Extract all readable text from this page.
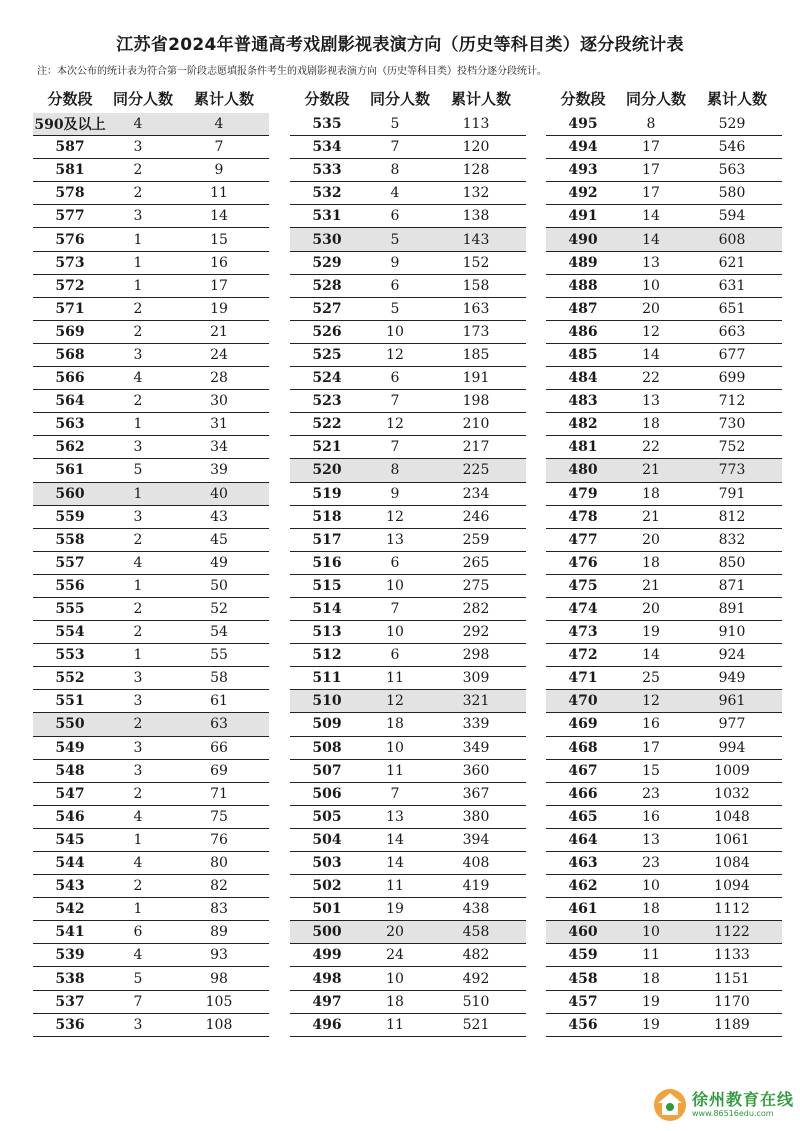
江苏省2024年普通高考戏剧影视表演方向（历史等科目类）逐分段统计表
注：本次公布的统计表为符合第一阶段志愿填报条件考生的戏剧影视表演方向（历史等科目类）投档分逐分段统计。
分数段	同分人数	累计人数
590及以上	4	4
587	3	7
581	2	9
578	2	11
577	3	14
576	1	15
573	1	16
572	1	17
571	2	19
569	2	21
568	3	24
566	4	28
564	2	30
563	1	31
562	3	34
561	5	39
560	1	40
559	3	43
558	2	45
557	4	49
556	1	50
555	2	52
554	2	54
553	1	55
552	3	58
551	3	61
550	2	63
549	3	66
548	3	69
547	2	71
546	4	75
545	1	76
544	4	80
543	2	82
542	1	83
541	6	89
539	4	93
538	5	98
537	7	105
536	3	108
分数段	同分人数	累计人数
535	5	113
534	7	120
533	8	128
532	4	132
531	6	138
530	5	143
529	9	152
528	6	158
527	5	163
526	10	173
525	12	185
524	6	191
523	7	198
522	12	210
521	7	217
520	8	225
519	9	234
518	12	246
517	13	259
516	6	265
515	10	275
514	7	282
513	10	292
512	6	298
511	11	309
510	12	321
509	18	339
508	10	349
507	11	360
506	7	367
505	13	380
504	14	394
503	14	408
502	11	419
501	19	438
500	20	458
499	24	482
498	10	492
497	18	510
496	11	521
分数段	同分人数	累计人数
495	8	529
494	17	546
493	17	563
492	17	580
491	14	594
490	14	608
489	13	621
488	10	631
487	20	651
486	12	663
485	14	677
484	22	699
483	13	712
482	18	730
481	22	752
480	21	773
479	18	791
478	21	812
477	20	832
476	18	850
475	21	871
474	20	891
473	19	910
472	14	924
471	25	949
470	12	961
469	16	977
468	17	994
467	15	1009
466	23	1032
465	16	1048
464	13	1061
463	23	1084
462	10	1094
461	18	1112
460	10	1122
459	11	1133
458	18	1151
457	19	1170
456	19	1189
徐州教育在线
www.86516edu.com
